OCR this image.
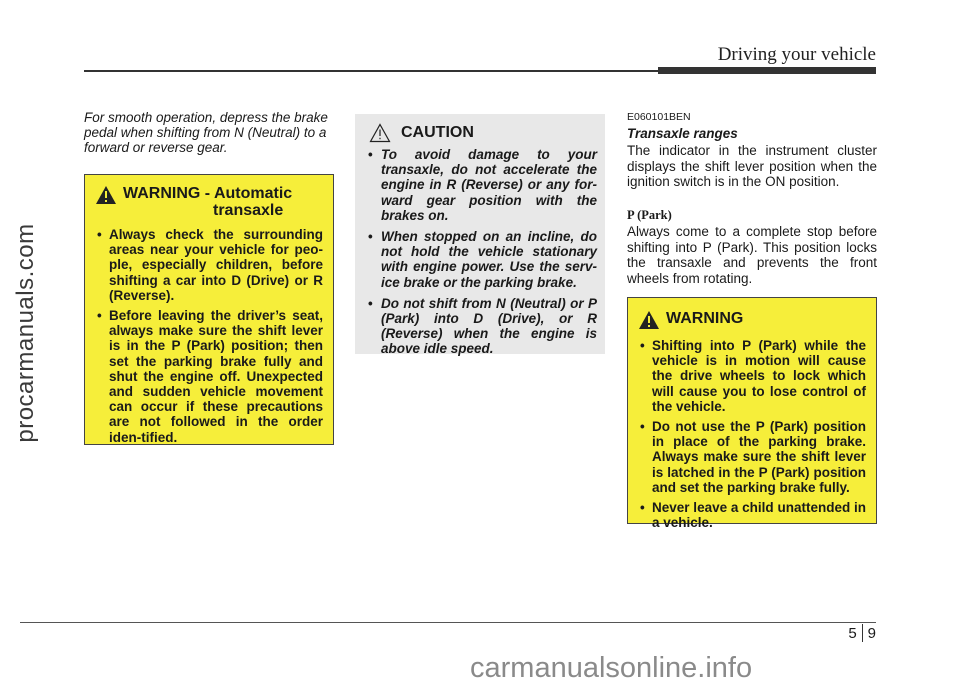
Driving your vehicle
procarmanuals.com
For smooth operation, depress the brake pedal when shifting from N (Neutral) to a forward or reverse gear.
WARNING - Automatic
transaxle
• Always check the surrounding areas near your vehicle for peo-ple, especially children, before shifting a car into D (Drive) or R (Reverse).
• Before leaving the driver’s seat, always make sure the shift lever is in the P (Park) position; then set the parking brake fully and shut the engine off. Unexpected and sudden vehicle movement can occur if these precautions are not followed in the order iden-tified.
CAUTION
• To avoid damage to your transaxle, do not accelerate the engine in R (Reverse) or any for-ward gear position with the brakes on.
• When stopped on an incline, do not hold the vehicle stationary with engine power. Use the serv-ice brake or the parking brake.
• Do not shift from N (Neutral) or P (Park) into D (Drive), or R (Reverse) when the engine is above idle speed.
E060101BEN
Transaxle ranges
The indicator in the instrument cluster displays the shift lever position when the ignition switch is in the ON position.
P (Park)
Always come to a complete stop before shifting into P (Park). This position locks the transaxle and prevents the front wheels from rotating.
WARNING
• Shifting into P (Park) while the vehicle is in motion will cause the drive wheels to lock which will cause you to lose control of the vehicle.
• Do not use the P (Park) position in place of the parking brake. Always make sure the shift lever is latched in the P (Park) position and set the parking brake fully.
• Never leave a child unattended in a vehicle.
5 9
carmanualsonline.info
